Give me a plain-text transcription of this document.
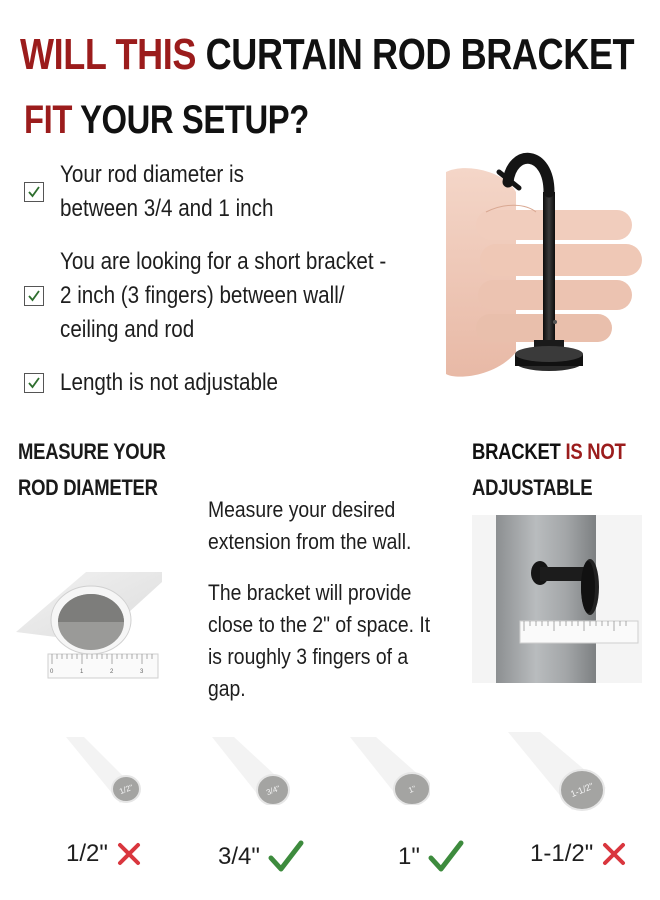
WILL THIS CURTAIN ROD BRACKET
FIT YOUR SETUP?
Your rod diameter is
between 3/4 and 1 inch
You are looking for a short bracket -
2 inch (3 fingers) between wall/
ceiling and rod
Length is not adjustable
MEASURE YOUR
ROD DIAMETER
BRACKET IS NOT
ADJUSTABLE
Measure your desired
extension from the wall.
The bracket will provide
close to the 2" of space. It
is roughly 3 fingers of a
gap.
0	1	2	3
1/2"	3/4"	1"	1-1/2"
1/2"	3/4"	1"	1-1/2"
